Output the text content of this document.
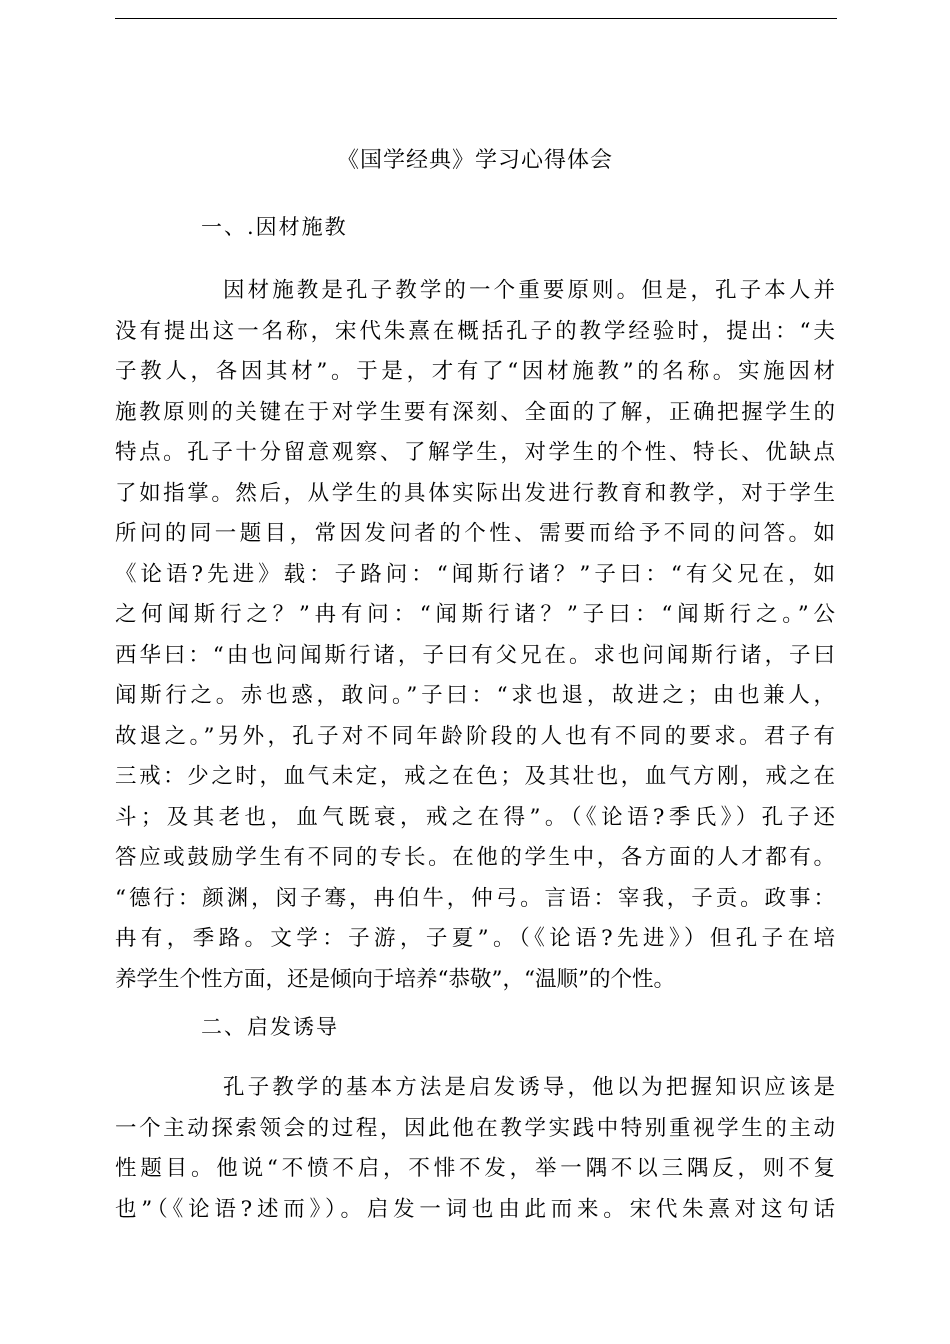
《国学经典》学习心得体会
一、.因材施教
因材施教是孔子教学的一个重要原则。但是，孔子本人并
没有提出这一名称，宋代朱熹在概括孔子的教学经验时，提出：“夫
子教人，各因其材”。于是，才有了“因材施教”的名称。实施因材
施教原则的关键在于对学生要有深刻、全面的了解，正确把握学生的
特点。孔子十分留意观察、了解学生，对学生的个性、特长、优缺点
了如指掌。然后，从学生的具体实际出发进行教育和教学，对于学生
所问的同一题目，常因发问者的个性、需要而给予不同的问答。如
《论语?先进》载：子路问：“闻斯行诸？”子曰：“有父兄在，如
之何闻斯行之？”冉有问：“闻斯行诸？”子曰：“闻斯行之。”公
西华曰：“由也问闻斯行诸，子曰有父兄在。求也问闻斯行诸，子曰
闻斯行之。赤也惑，敢问。”子曰：“求也退，故进之；由也兼人，
故退之。”另外，孔子对不同年龄阶段的人也有不同的要求。君子有
三戒：少之时，血气未定，戒之在色；及其壮也，血气方刚，戒之在
斗；及其老也，血气既衰，戒之在得”。（《论语?季氏》）孔子还
答应或鼓励学生有不同的专长。在他的学生中，各方面的人才都有。
“德行：颜渊，闵子骞，冉伯牛，仲弓。言语：宰我，子贡。政事：
冉有，季路。文学：子游，子夏”。（《论语?先进》）但孔子在培
养学生个性方面，还是倾向于培养“恭敬”，“温顺”的个性。
二、启发诱导
孔子教学的基本方法是启发诱导，他以为把握知识应该是
一个主动探索领会的过程，因此他在教学实践中特别重视学生的主动
性题目。他说“不愤不启，不悱不发，举一隅不以三隅反，则不复
也”（《论语?述而》）。启发一词也由此而来。宋代朱熹对这句话
